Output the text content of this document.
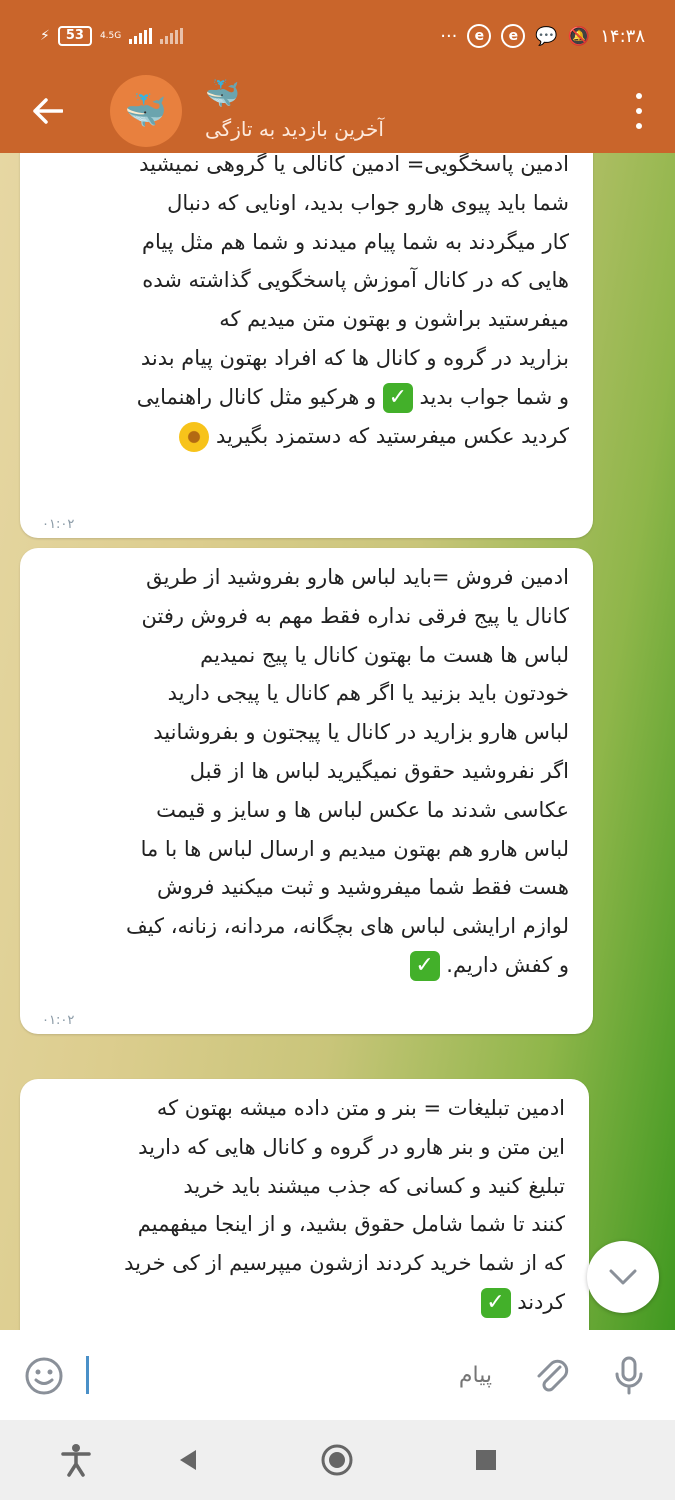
⚡	53	4.5G	···	e	e 💬 🔕 ۱۴:۳۸
🐳 🐳
آخرین بازدید به تازگی
ادمین پاسخگویی= ادمین کانالی یا گروهی نمیشید
شما باید پیوی هارو جواب بدید، اونایی که دنبال
کار میگردند به شما پیام میدند و شما هم مثل پیام
هایی که در کانال آموزش پاسخگویی گذاشته شده
میفرستید براشون و بهتون متن میدیم که
بزارید در گروه و کانال ها که افراد بهتون پیام بدند
و شما جواب بدید ✓ و هرکیو مثل کانال راهنمایی
کردید عکس میفرستید که دستمزد بگیرید
۰۱:۰۲
ادمین فروش =باید لباس هارو بفروشید از طریق
کانال یا پیج فرقی نداره فقط مهم به فروش رفتن
لباس ها هست ما بهتون کانال یا پیج نمیدیم
خودتون باید بزنید یا اگر هم کانال یا پیجی دارید
لباس هارو بزارید در کانال یا پیجتون و بفروشانید
اگر نفروشید حقوق نمیگیرید لباس ها از قبل
عکاسی شدند ما عکس لباس ها و سایز و قیمت
لباس هارو هم بهتون میدیم و ارسال لباس ها با ما
هست فقط شما میفروشید و ثبت میکنید فروش
لوازم ارایشی لباس های بچگانه، مردانه، زنانه، کیف
و کفش داریم. ✓
۰۱:۰۲
ادمین تبلیغات = بنر و متن داده میشه بهتون که
این متن و بنر هارو در گروه و کانال هایی که دارید
تبلیغ کنید و کسانی که جذب میشند باید خرید
کنند تا شما شامل حقوق بشید، و از اینجا میفهمیم
که از شما خرید کردند ازشون میپرسیم از کی خرید
کردند ✓
پیام
